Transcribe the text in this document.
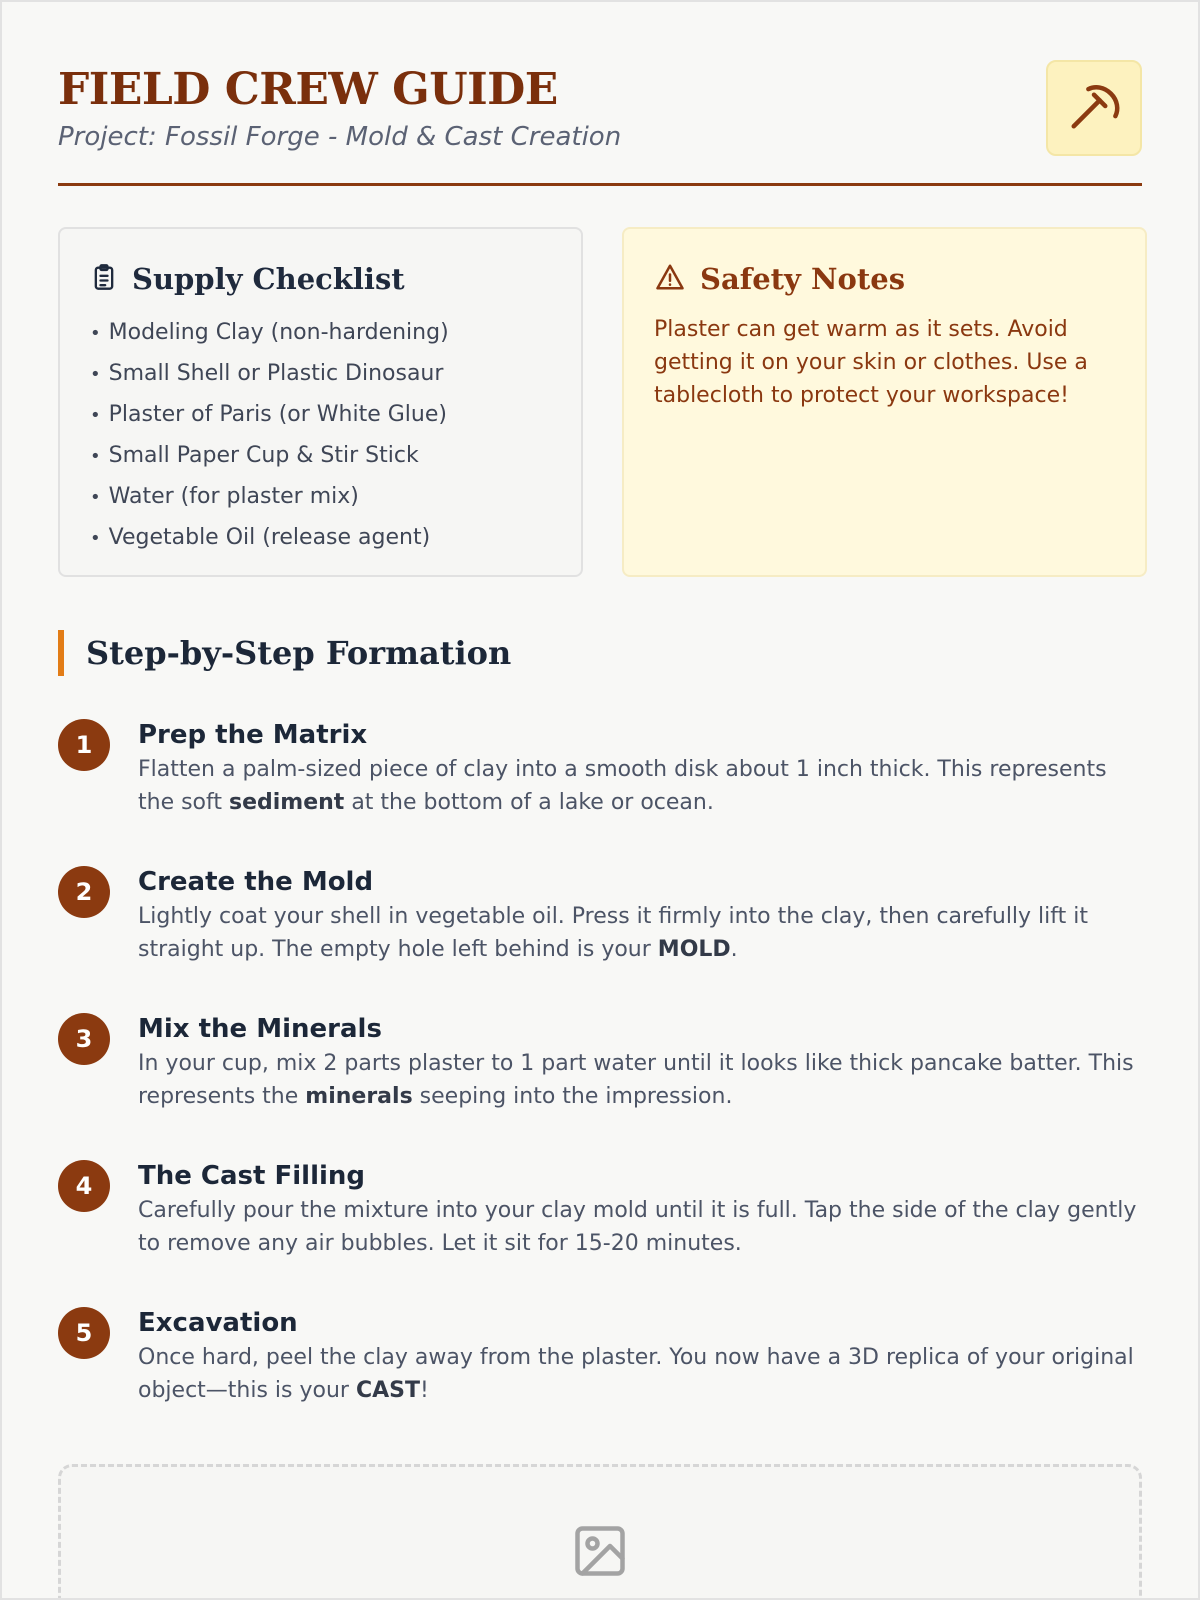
FIELD CREW GUIDE
Project: Fossil Forge - Mold & Cast Creation
Supply Checklist
• Modeling Clay (non-hardening)
• Small Shell or Plastic Dinosaur
• Plaster of Paris (or White Glue)
• Small Paper Cup & Stir Stick
• Water (for plaster mix)
• Vegetable Oil (release agent)
Safety Notes

Plaster can get warm as it sets. Avoid getting it on your skin or clothes. Use a tablecloth to protect your workspace!

Step-by-Step Formation
1	Prep the Matrix

Flatten a palm-sized piece of clay into a smooth disk about 1 inch thick. This represents the soft sediment at the bottom of a lake or ocean.

2	Create the Mold

Lightly coat your shell in vegetable oil. Press it firmly into the clay, then carefully lift it straight up. The empty hole left behind is your MOLD.

3	Mix the Minerals

In your cup, mix 2 parts plaster to 1 part water until it looks like thick pancake batter. This represents the minerals seeping into the impression.

4	The Cast Filling

Carefully pour the mixture into your clay mold until it is full. Tap the side of the clay gently to remove any air bubbles. Let it sit for 15-20 minutes.

5	Excavation

Once hard, peel the clay away from the plaster. You now have a 3D replica of your original object—this is your CAST!
